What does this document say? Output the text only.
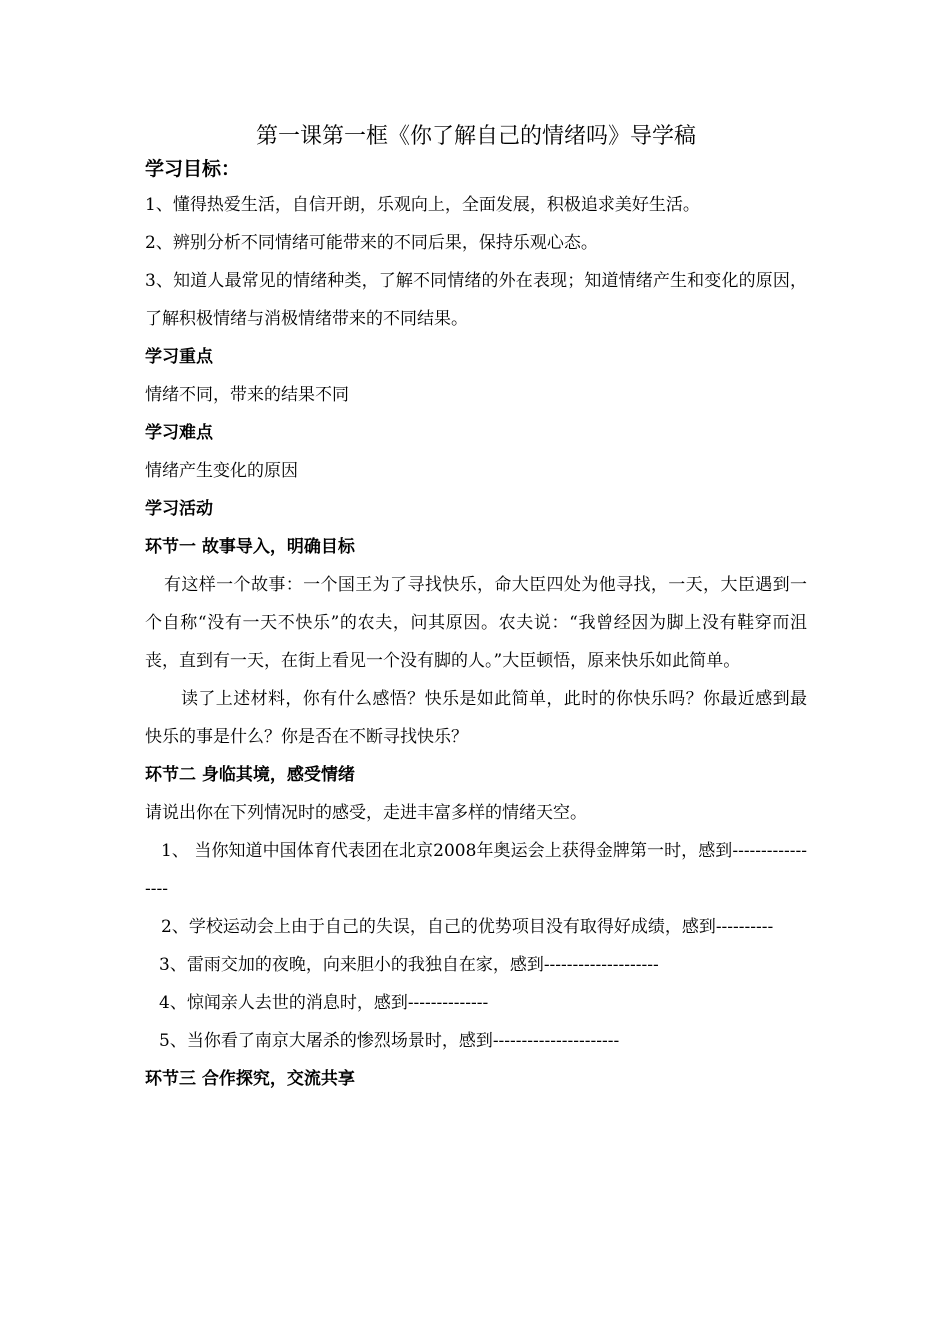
第一课第一框《你了解自己的情绪吗》导学稿

学习目标：

1、懂得热爱生活，自信开朗，乐观向上，全面发展，积极追求美好生活。

2、辨别分析不同情绪可能带来的不同后果，保持乐观心态。

3、知道人最常见的情绪种类，了解不同情绪的外在表现；知道情绪产生和变化的原因，了解积极情绪与消极情绪带来的不同结果。

学习重点

情绪不同，带来的结果不同

学习难点

情绪产生变化的原因

学习活动

环节一 故事导入，明确目标

有这样一个故事：一个国王为了寻找快乐，命大臣四处为他寻找，一天，大臣遇到一个自称“没有一天不快乐”的农夫，问其原因。农夫说：“我曾经因为脚上没有鞋穿而沮丧，直到有一天，在街上看见一个没有脚的人。”大臣顿悟，原来快乐如此简单。

读了上述材料，你有什么感悟？快乐是如此简单，此时的你快乐吗？你最近感到最快乐的事是什么？你是否在不断寻找快乐？

环节二 身临其境，感受情绪

请说出你在下列情况时的感受，走进丰富多样的情绪天空。

1、 当你知道中国体育代表团在北京2008年奥运会上获得金牌第一时，感到-----------------

2、学校运动会上由于自己的失误，自己的优势项目没有取得好成绩，感到----------

3、雷雨交加的夜晚，向来胆小的我独自在家，感到--------------------

4、惊闻亲人去世的消息时，感到--------------

5、当你看了南京大屠杀的惨烈场景时，感到----------------------

环节三 合作探究，交流共享
